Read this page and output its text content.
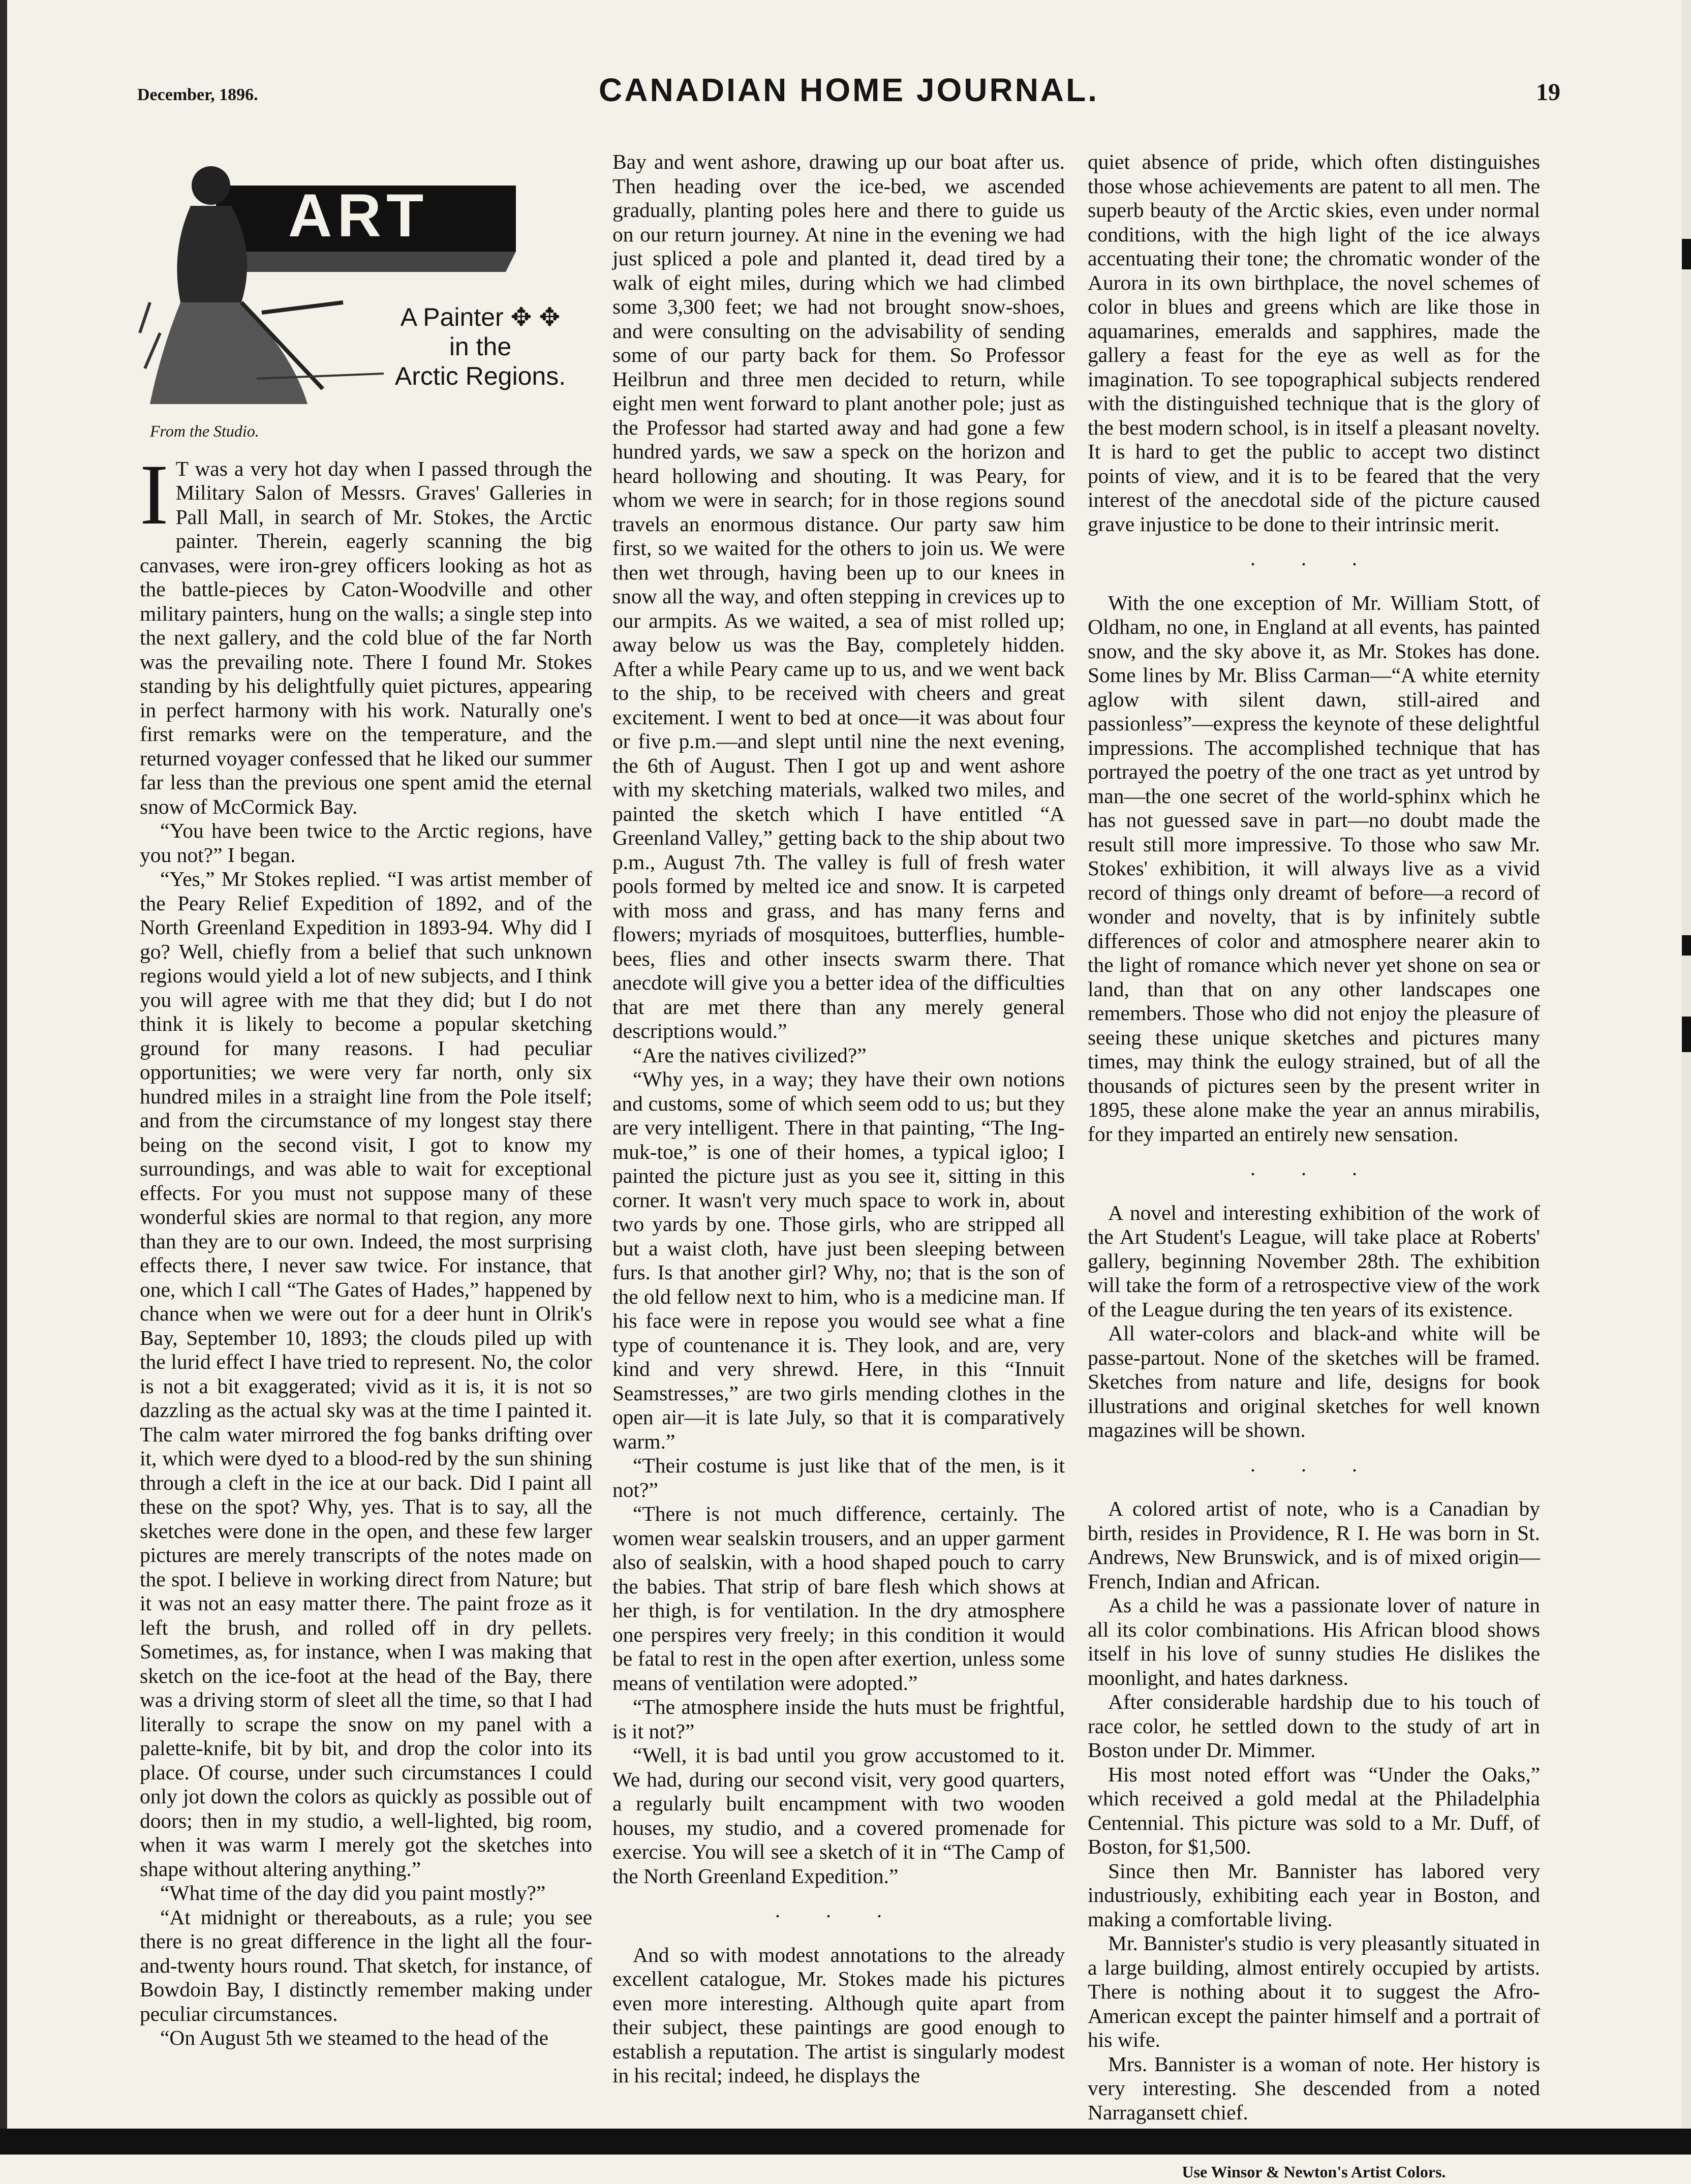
December, 1896.	CANADIAN HOME JOURNAL.	19
ART
A Painter ✥ ✥
in the
Arctic Regions.
From the Studio.

I T was a very hot day when I passed through the Military Salon of Messrs. Graves' Galleries in Pall Mall, in search of Mr. Stokes, the Arctic painter. Therein, eagerly scanning the big canvases, were iron-grey officers looking as hot as the battle-pieces by Caton-Woodville and other military painters, hung on the walls; a single step into the next gallery, and the cold blue of the far North was the prevailing note. There I found Mr. Stokes standing by his delightfully quiet pictures, appearing in perfect harmony with his work. Naturally one's first remarks were on the temperature, and the returned voyager confessed that he liked our summer far less than the previous one spent amid the eternal snow of McCormick Bay.

“You have been twice to the Arctic regions, have you not?” I began.

“Yes,” Mr Stokes replied. “I was artist member of the Peary Relief Expedition of 1892, and of the North Greenland Expedition in 1893-94. Why did I go? Well, chiefly from a belief that such unknown regions would yield a lot of new subjects, and I think you will agree with me that they did; but I do not think it is likely to become a popular sketching ground for many reasons. I had peculiar opportunities; we were very far north, only six hundred miles in a straight line from the Pole itself; and from the circumstance of my longest stay there being on the second visit, I got to know my surroundings, and was able to wait for exceptional effects. For you must not suppose many of these wonderful skies are normal to that region, any more than they are to our own. Indeed, the most surprising effects there, I never saw twice. For instance, that one, which I call “The Gates of Hades,” happened by chance when we were out for a deer hunt in Olrik's Bay, September 10, 1893; the clouds piled up with the lurid effect I have tried to represent. No, the color is not a bit exaggerated; vivid as it is, it is not so dazzling as the actual sky was at the time I painted it. The calm water mirrored the fog banks drifting over it, which were dyed to a blood-red by the sun shining through a cleft in the ice at our back. Did I paint all these on the spot? Why, yes. That is to say, all the sketches were done in the open, and these few larger pictures are merely transcripts of the notes made on the spot. I believe in working direct from Nature; but it was not an easy matter there. The paint froze as it left the brush, and rolled off in dry pellets. Sometimes, as, for instance, when I was making that sketch on the ice-foot at the head of the Bay, there was a driving storm of sleet all the time, so that I had literally to scrape the snow on my panel with a palette-knife, bit by bit, and drop the color into its place. Of course, under such circumstances I could only jot down the colors as quickly as possible out of doors; then in my studio, a well-lighted, big room, when it was warm I merely got the sketches into shape without altering anything.”

“What time of the day did you paint mostly?”

“At midnight or thereabouts, as a rule; you see there is no great difference in the light all the four-and-twenty hours round. That sketch, for instance, of Bowdoin Bay, I distinctly remember making under peculiar circumstances.

“On August 5th we steamed to the head of the

Bay and went ashore, drawing up our boat after us. Then heading over the ice-bed, we ascended gradually, planting poles here and there to guide us on our return journey. At nine in the evening we had just spliced a pole and planted it, dead tired by a walk of eight miles, during which we had climbed some 3,300 feet; we had not brought snow-shoes, and were consulting on the advisability of sending some of our party back for them. So Professor Heilbrun and three men decided to return, while eight men went forward to plant another pole; just as the Professor had started away and had gone a few hundred yards, we saw a speck on the horizon and heard hollowing and shouting. It was Peary, for whom we were in search; for in those regions sound travels an enormous distance. Our party saw him first, so we waited for the others to join us. We were then wet through, having been up to our knees in snow all the way, and often stepping in crevices up to our armpits. As we waited, a sea of mist rolled up; away below us was the Bay, completely hidden. After a while Peary came up to us, and we went back to the ship, to be received with cheers and great excitement. I went to bed at once—it was about four or five p.m.—and slept until nine the next evening, the 6th of August. Then I got up and went ashore with my sketching materials, walked two miles, and painted the sketch which I have entitled “A Greenland Valley,” getting back to the ship about two p.m., August 7th. The valley is full of fresh water pools formed by melted ice and snow. It is carpeted with moss and grass, and has many ferns and flowers; myriads of mosquitoes, butterflies, humble-bees, flies and other insects swarm there. That anecdote will give you a better idea of the difficulties that are met there than any merely general descriptions would.”

“Are the natives civilized?”

“Why yes, in a way; they have their own notions and customs, some of which seem odd to us; but they are very intelligent. There in that painting, “The Ing-muk-toe,” is one of their homes, a typical igloo; I painted the picture just as you see it, sitting in this corner. It wasn't very much space to work in, about two yards by one. Those girls, who are stripped all but a waist cloth, have just been sleeping between furs. Is that another girl? Why, no; that is the son of the old fellow next to him, who is a medicine man. If his face were in repose you would see what a fine type of countenance it is. They look, and are, very kind and very shrewd. Here, in this “Innuit Seamstresses,” are two girls mending clothes in the open air—it is late July, so that it is comparatively warm.”

“Their costume is just like that of the men, is it not?”

“There is not much difference, certainly. The women wear sealskin trousers, and an upper garment also of sealskin, with a hood shaped pouch to carry the babies. That strip of bare flesh which shows at her thigh, is for ventilation. In the dry atmosphere one perspires very freely; in this condition it would be fatal to rest in the open after exertion, unless some means of ventilation were adopted.”

“The atmosphere inside the huts must be frightful, is it not?”

“Well, it is bad until you grow accustomed to it. We had, during our second visit, very good quarters, a regularly built encampment with two wooden houses, my studio, and a covered promenade for exercise. You will see a sketch of it in “The Camp of the North Greenland Expedition.”

. . .

And so with modest annotations to the already excellent catalogue, Mr. Stokes made his pictures even more interesting. Although quite apart from their subject, these paintings are good enough to establish a reputation. The artist is singularly modest in his recital; indeed, he displays the

quiet absence of pride, which often distinguishes those whose achievements are patent to all men. The superb beauty of the Arctic skies, even under normal conditions, with the high light of the ice always accentuating their tone; the chromatic wonder of the Aurora in its own birthplace, the novel schemes of color in blues and greens which are like those in aquamarines, emeralds and sapphires, made the gallery a feast for the eye as well as for the imagination. To see topographical subjects rendered with the distinguished technique that is the glory of the best modern school, is in itself a pleasant novelty. It is hard to get the public to accept two distinct points of view, and it is to be feared that the very interest of the anecdotal side of the picture caused grave injustice to be done to their intrinsic merit.

. . .

With the one exception of Mr. William Stott, of Oldham, no one, in England at all events, has painted snow, and the sky above it, as Mr. Stokes has done. Some lines by Mr. Bliss Carman—“A white eternity aglow with silent dawn, still-aired and passionless”—express the keynote of these delightful impressions. The accomplished technique that has portrayed the poetry of the one tract as yet untrod by man—the one secret of the world-sphinx which he has not guessed save in part—no doubt made the result still more impressive. To those who saw Mr. Stokes' exhibition, it will always live as a vivid record of things only dreamt of before—a record of wonder and novelty, that is by infinitely subtle differences of color and atmosphere nearer akin to the light of romance which never yet shone on sea or land, than that on any other landscapes one remembers. Those who did not enjoy the pleasure of seeing these unique sketches and pictures many times, may think the eulogy strained, but of all the thousands of pictures seen by the present writer in 1895, these alone make the year an annus mirabilis, for they imparted an entirely new sensation.

. . .

A novel and interesting exhibition of the work of the Art Student's League, will take place at Roberts' gallery, beginning November 28th. The exhibition will take the form of a retrospective view of the work of the League during the ten years of its existence.

All water-colors and black-and white will be passe-partout. None of the sketches will be framed. Sketches from nature and life, designs for book illustrations and original sketches for well known magazines will be shown.

. . .

A colored artist of note, who is a Canadian by birth, resides in Providence, R I. He was born in St. Andrews, New Brunswick, and is of mixed origin—French, Indian and African.

As a child he was a passionate lover of nature in all its color combinations. His African blood shows itself in his love of sunny studies He dislikes the moonlight, and hates darkness.

After considerable hardship due to his touch of race color, he settled down to the study of art in Boston under Dr. Mimmer.

His most noted effort was “Under the Oaks,” which received a gold medal at the Philadelphia Centennial. This picture was sold to a Mr. Duff, of Boston, for $1,500.

Since then Mr. Bannister has labored very industriously, exhibiting each year in Boston, and making a comfortable living.

Mr. Bannister's studio is very pleasantly situated in a large building, almost entirely occupied by artists. There is nothing about it to suggest the Afro-American except the painter himself and a portrait of his wife.

Mrs. Bannister is a woman of note. Her history is very interesting. She descended from a noted Narragansett chief.

Use Winsor & Newton's Artist Colors.
